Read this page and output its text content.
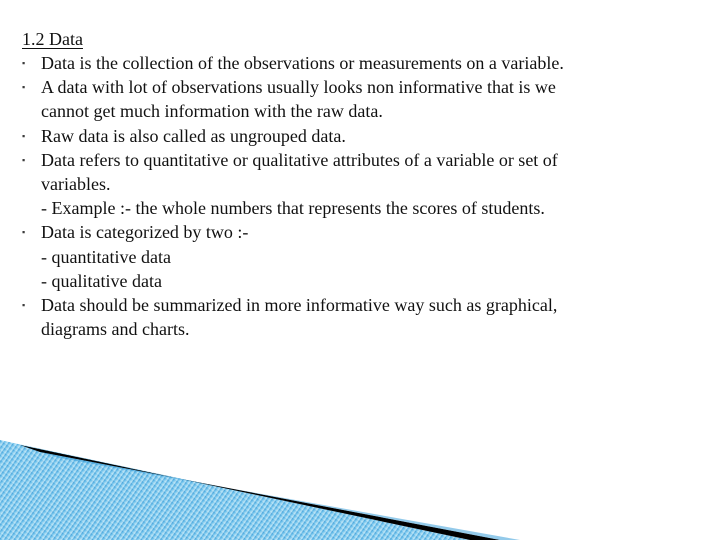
1.2 Data
▪ Data is the collection of the observations or measurements on a variable.
▪ A data with lot of observations usually looks non informative that is we
cannot get much information with the raw data.
▪ Raw data is also called as ungrouped data.
▪ Data refers to quantitative or qualitative attributes of a variable or set of
variables.
- Example :- the whole numbers that represents the scores of students.
▪ Data is categorized by two :-
- quantitative data
- qualitative data
▪ Data should be summarized in more informative way such as graphical,
diagrams and charts.
